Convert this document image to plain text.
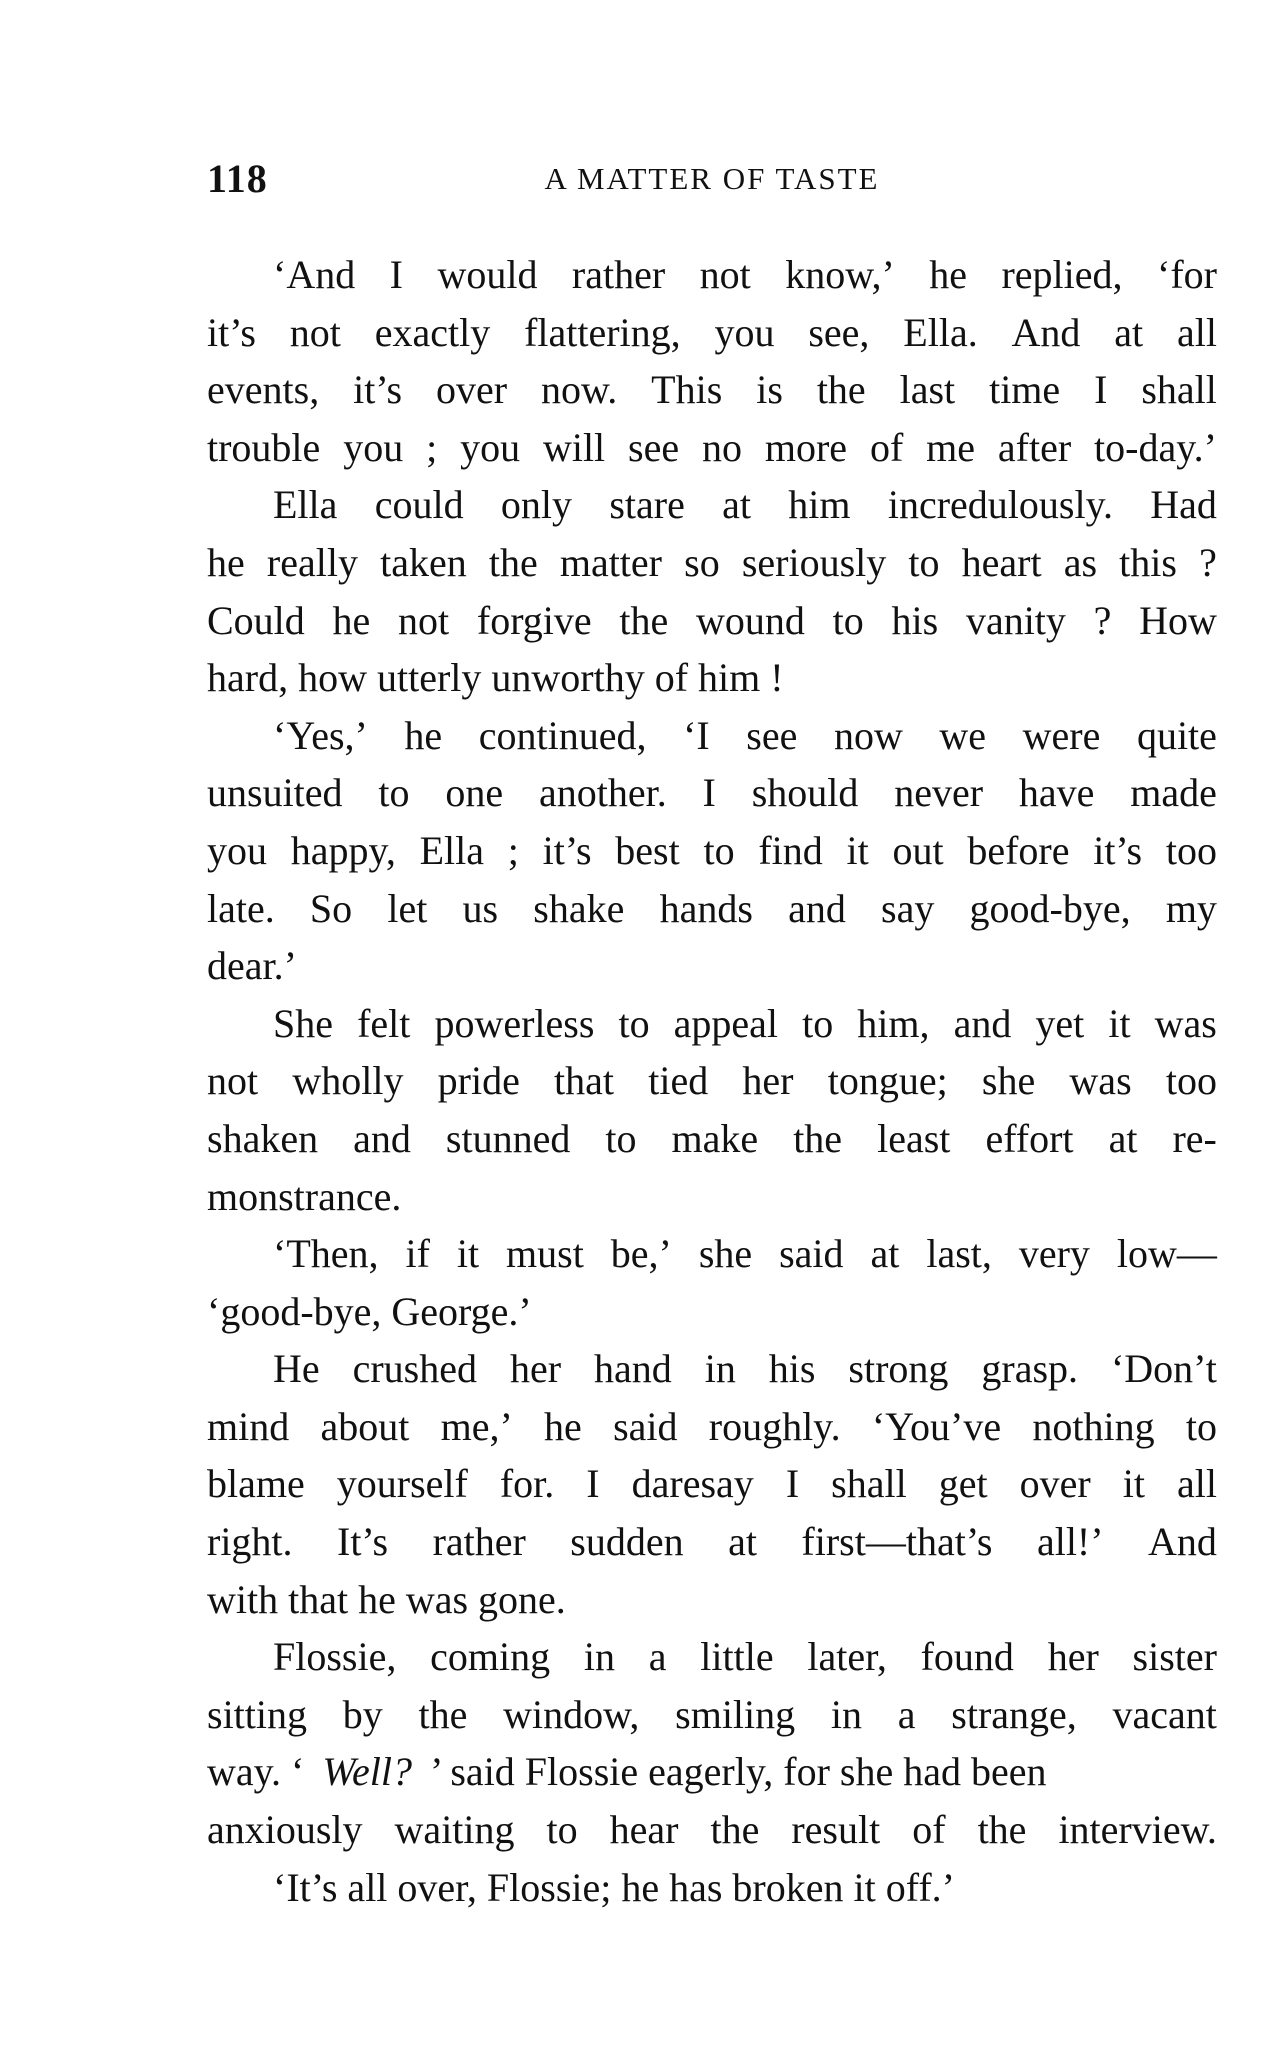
118	A MATTER OF TASTE
‘And I would rather not know,’ he replied, ‘for
it’s not exactly flattering, you see, Ella. And at all
events, it’s over now. This is the last time I shall
trouble you ; you will see no more of me after to-day.’
Ella could only stare at him incredulously. Had
he really taken the matter so seriously to heart as this ?
Could he not forgive the wound to his vanity ? How
hard, how utterly unworthy of him !
‘Yes,’ he continued, ‘I see now we were quite
unsuited to one another. I should never have made
you happy, Ella ; it’s best to find it out before it’s too
late. So let us shake hands and say good-bye, my
dear.’
She felt powerless to appeal to him, and yet it was
not wholly pride that tied her tongue; she was too
shaken and stunned to make the least effort at re-
monstrance.
‘Then, if it must be,’ she said at last, very low—
‘good-bye, George.’
He crushed her hand in his strong grasp. ‘Don’t
mind about me,’ he said roughly. ‘You’ve nothing to
blame yourself for. I daresay I shall get over it all
right. It’s rather sudden at first—that’s all!’ And
with that he was gone.
Flossie, coming in a little later, found her sister
sitting by the window, smiling in a strange, vacant
way. ‘ Well? ’ said Flossie eagerly, for she had been
anxiously waiting to hear the result of the interview.
‘It’s all over, Flossie; he has broken it off.’
